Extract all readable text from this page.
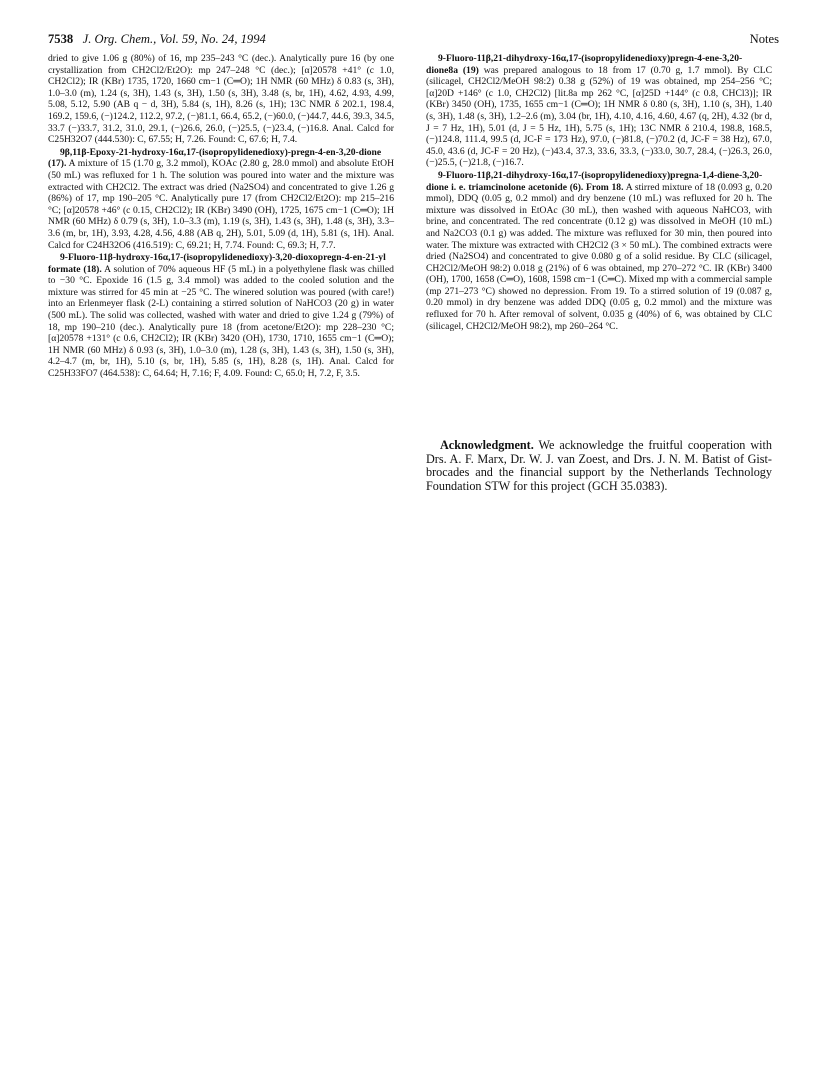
7538 J. Org. Chem., Vol. 59, No. 24, 1994	Notes

dried to give 1.06 g (80%) of 16, mp 235–243 °C (dec.). Analytically pure 16 (by one crystallization from CH2Cl2/Et2O): mp 247–248 °C (dec.); [α]20578 +41° (c 1.0, CH2Cl2); IR (KBr) 1735, 1720, 1660 cm−1 (C═O); 1H NMR (60 MHz) δ 0.83 (s, 3H), 1.0–3.0 (m), 1.24 (s, 3H), 1.43 (s, 3H), 1.50 (s, 3H), 3.48 (s, br, 1H), 4.62, 4.93, 4.99, 5.08, 5.12, 5.90 (AB q − d, 3H), 5.84 (s, 1H), 8.26 (s, 1H); 13C NMR δ 202.1, 198.4, 169.2, 159.6, (−)124.2, 112.2, 97.2, (−)81.1, 66.4, 65.2, (−)60.0, (−)44.7, 44.6, 39.3, 34.5, 33.7 (−)33.7, 31.2, 31.0, 29.1, (−)26.6, 26.0, (−)25.5, (−)23.4, (−)16.8. Anal. Calcd for C25H32O7 (444.530): C, 67.55; H, 7.26. Found: C, 67.6; H, 7.4.

9β,11β-Epoxy-21-hydroxy-16α,17-(isopropylidenedioxy)-pregn-4-en-3,20-dione (17). A mixture of 15 (1.70 g, 3.2 mmol), KOAc (2.80 g, 28.0 mmol) and absolute EtOH (50 mL) was refluxed for 1 h. The solution was poured into water and the mixture was extracted with CH2Cl2. The extract was dried (Na2SO4) and concentrated to give 1.26 g (86%) of 17, mp 190–205 °C. Analytically pure 17 (from CH2Cl2/Et2O): mp 215–216 °C; [α]20578 +46° (c 0.15, CH2Cl2); IR (KBr) 3490 (OH), 1725, 1675 cm−1 (C═O); 1H NMR (60 MHz) δ 0.79 (s, 3H), 1.0–3.3 (m), 1.19 (s, 3H), 1.43 (s, 3H), 1.48 (s, 3H), 3.3–3.6 (m, br, 1H), 3.93, 4.28, 4.56, 4.88 (AB q, 2H), 5.01, 5.09 (d, 1H), 5.81 (s, 1H). Anal. Calcd for C24H32O6 (416.519): C, 69.21; H, 7.74. Found: C, 69.3; H, 7.7.

9-Fluoro-11β-hydroxy-16α,17-(isopropylidenedioxy)-3,20-dioxopregn-4-en-21-yl formate (18). A solution of 70% aqueous HF (5 mL) in a polyethylene flask was chilled to −30 °C. Epoxide 16 (1.5 g, 3.4 mmol) was added to the cooled solution and the mixture was stirred for 45 min at −25 °C. The winered solution was poured (with care!) into an Erlenmeyer flask (2-L) containing a stirred solution of NaHCO3 (20 g) in water (500 mL). The solid was collected, washed with water and dried to give 1.24 g (79%) of 18, mp 190–210 (dec.). Analytically pure 18 (from acetone/Et2O): mp 228–230 °C; [α]20578 +131° (c 0.6, CH2Cl2); IR (KBr) 3420 (OH), 1730, 1710, 1655 cm−1 (C═O); 1H NMR (60 MHz) δ 0.93 (s, 3H), 1.0–3.0 (m), 1.28 (s, 3H), 1.43 (s, 3H), 1.50 (s, 3H), 4.2–4.7 (m, br, 1H), 5.10 (s, br, 1H), 5.85 (s, 1H), 8.28 (s, 1H). Anal. Calcd for C25H33FO7 (464.538): C, 64.64; H, 7.16; F, 4.09. Found: C, 65.0; H, 7.2, F, 3.5.

9-Fluoro-11β,21-dihydroxy-16α,17-(isopropylidenedioxy)pregn-4-ene-3,20-dione8a (19) was prepared analogous to 18 from 17 (0.70 g, 1.7 mmol). By CLC (silicagel, CH2Cl2/MeOH 98:2) 0.38 g (52%) of 19 was obtained, mp 254–256 °C; [α]20D +146° (c 1.0, CH2Cl2) [lit.8a mp 262 °C, [α]25D +144° (c 0.8, CHCl3)]; IR (KBr) 3450 (OH), 1735, 1655 cm−1 (C═O); 1H NMR δ 0.80 (s, 3H), 1.10 (s, 3H), 1.40 (s, 3H), 1.48 (s, 3H), 1.2–2.6 (m), 3.04 (br, 1H), 4.10, 4.16, 4.60, 4.67 (q, 2H), 4.32 (br d, J = 7 Hz, 1H), 5.01 (d, J = 5 Hz, 1H), 5.75 (s, 1H); 13C NMR δ 210.4, 198.8, 168.5, (−)124.8, 111.4, 99.5 (d, JC-F = 173 Hz), 97.0, (−)81.8, (−)70.2 (d, JC-F = 38 Hz), 67.0, 45.0, 43.6 (d, JC-F = 20 Hz), (−)43.4, 37.3, 33.6, 33.3, (−)33.0, 30.7, 28.4, (−)26.3, 26.0, (−)25.5, (−)21.8, (−)16.7.

9-Fluoro-11β,21-dihydroxy-16α,17-(isopropylidenedioxy)pregna-1,4-diene-3,20-dione i. e. triamcinolone acetonide (6). From 18. A stirred mixture of 18 (0.093 g, 0.20 mmol), DDQ (0.05 g, 0.2 mmol) and dry benzene (10 mL) was refluxed for 20 h. The mixture was dissolved in EtOAc (30 mL), then washed with aqueous NaHCO3, with brine, and concentrated. The red concentrate (0.12 g) was dissolved in MeOH (10 mL) and Na2CO3 (0.1 g) was added. The mixture was refluxed for 30 min, then poured into water. The mixture was extracted with CH2Cl2 (3 × 50 mL). The combined extracts were dried (Na2SO4) and concentrated to give 0.080 g of a solid residue. By CLC (silicagel, CH2Cl2/MeOH 98:2) 0.018 g (21%) of 6 was obtained, mp 270–272 °C. IR (KBr) 3400 (OH), 1700, 1658 (C═O), 1608, 1598 cm−1 (C═C). Mixed mp with a commercial sample (mp 271–273 °C) showed no depression. From 19. To a stirred solution of 19 (0.087 g, 0.20 mmol) in dry benzene was added DDQ (0.05 g, 0.2 mmol) and the mixture was refluxed for 70 h. After removal of solvent, 0.035 g (40%) of 6, was obtained by CLC (silicagel, CH2Cl2/MeOH 98:2), mp 260–264 °C.

Acknowledgment. We acknowledge the fruitful cooperation with Drs. A. F. Marx, Dr. W. J. van Zoest, and Drs. J. N. M. Batist of Gist-brocades and the financial support by the Netherlands Technology Foundation STW for this project (GCH 35.0383).
